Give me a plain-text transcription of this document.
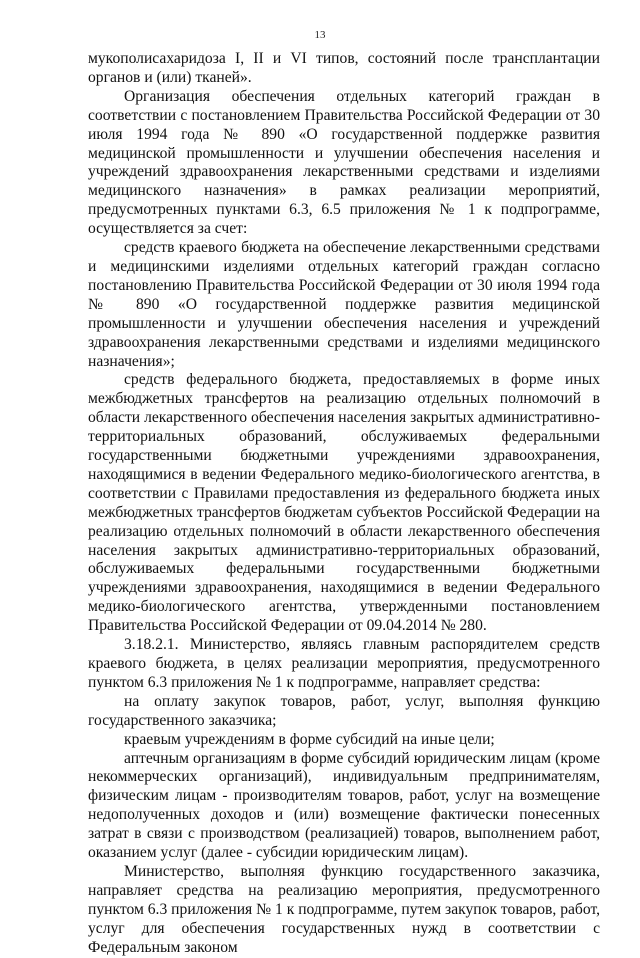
13

мукополисахаридоза I, II и VI типов, состояний после трансплантации органов и (или) тканей».

Организация обеспечения отдельных категорий граждан в соответствии с постановлением Правительства Российской Федерации от 30 июля 1994 года № 890 «О государственной поддержке развития медицинской промышленности и улучшении обеспечения населения и учреждений здравоохранения лекарственными средствами и изделиями медицинского назначения» в рамках реализации мероприятий, предусмотренных пунктами 6.3, 6.5 приложения № 1 к подпрограмме, осуществляется за счет:

средств краевого бюджета на обеспечение лекарственными средствами и медицинскими изделиями отдельных категорий граждан согласно постановлению Правительства Российской Федерации от 30 июля 1994 года № 890 «О государственной поддержке развития медицинской промышленности и улучшении обеспечения населения и учреждений здравоохранения лекарственными средствами и изделиями медицинского назначения»;

средств федерального бюджета, предоставляемых в форме иных межбюджетных трансфертов на реализацию отдельных полномочий в области лекарственного обеспечения населения закрытых административно-территориальных образований, обслуживаемых федеральными государственными бюджетными учреждениями здравоохранения, находящимися в ведении Федерального медико-биологического агентства, в соответствии с Правилами предоставления из федерального бюджета иных межбюджетных трансфертов бюджетам субъектов Российской Федерации на реализацию отдельных полномочий в области лекарственного обеспечения населения закрытых административно-территориальных образований, обслуживаемых федеральными государственными бюджетными учреждениями здравоохранения, находящимися в ведении Федерального медико-биологического агентства, утвержденными постановлением Правительства Российской Федерации от 09.04.2014 № 280.

3.18.2.1. Министерство, являясь главным распорядителем средств краевого бюджета, в целях реализации мероприятия, предусмотренного пунктом 6.3 приложения № 1 к подпрограмме, направляет средства:

на оплату закупок товаров, работ, услуг, выполняя функцию государственного заказчика;

краевым учреждениям в форме субсидий на иные цели;

аптечным организациям в форме субсидий юридическим лицам (кроме некоммерческих организаций), индивидуальным предпринимателям, физическим лицам - производителям товаров, работ, услуг на возмещение недополученных доходов и (или) возмещение фактически понесенных затрат в связи с производством (реализацией) товаров, выполнением работ, оказанием услуг (далее - субсидии юридическим лицам).

Министерство, выполняя функцию государственного заказчика, направляет средства на реализацию мероприятия, предусмотренного пунктом 6.3 приложения № 1 к подпрограмме, путем закупок товаров, работ, услуг для обеспечения государственных нужд в соответствии с Федеральным законом
